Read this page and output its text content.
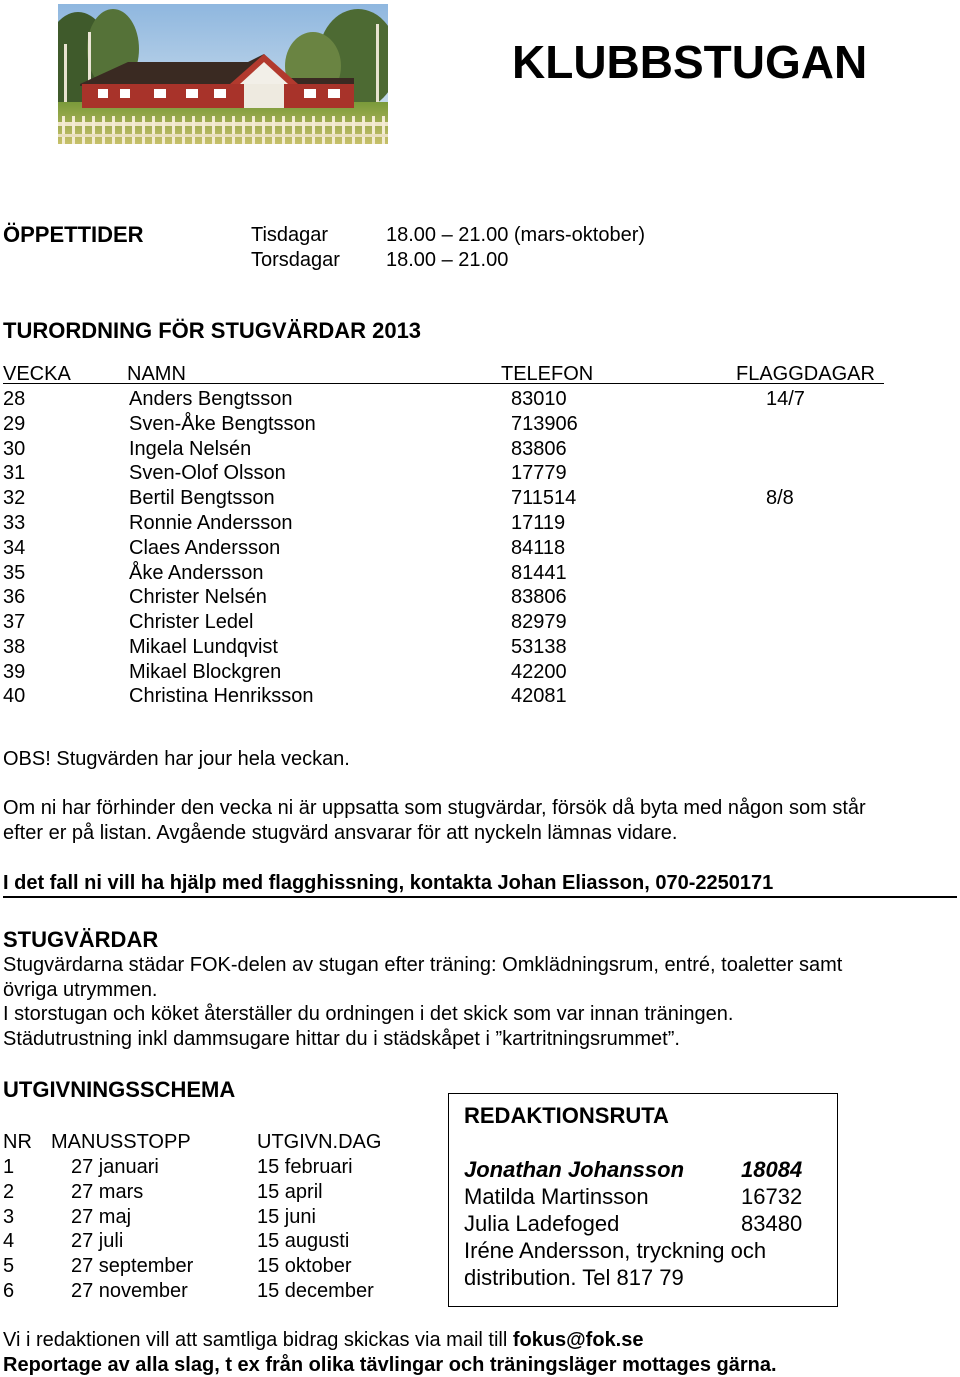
KLUBBSTUGAN
ÖPPETTIDER	Tisdagar	18.00 – 21.00 (mars-oktober)
Torsdagar 18.00 – 21.00
TURORDNING FÖR STUGVÄRDAR 2013
VECKA	NAMN	TELEFON	FLAGGDAGAR
28	Anders Bengtsson	83010	14/7
29	Sven-Åke Bengtsson	713906
30	Ingela Nelsén	83806
31	Sven-Olof Olsson	17779
32	Bertil Bengtsson	711514	8/8
33	Ronnie Andersson	17119
34	Claes Andersson	84118
35	Åke Andersson	81441
36	Christer Nelsén	83806
37	Christer Ledel	82979
38	Mikael Lundqvist	53138
39	Mikael Blockgren	42200
40	Christina Henriksson	42081
OBS! Stugvärden har jour hela veckan.
Om ni har förhinder den vecka ni är uppsatta som stugvärdar, försök då byta med någon som står
efter er på listan. Avgående stugvärd ansvarar för att nyckeln lämnas vidare.
I det fall ni vill ha hjälp med flagghissning, kontakta Johan Eliasson, 070-2250171
STUGVÄRDAR
Stugvärdarna städar FOK-delen av stugan efter träning: Omklädningsrum, entré, toaletter samt
övriga utrymmen.
I storstugan och köket återställer du ordningen i det skick som var innan träningen.
Städutrustning inkl dammsugare hittar du i städskåpet i ”kartritningsrummet”.
UTGIVNINGSSCHEMA
NR MANUSSTOPP	UTGIVN.DAG
1	27 januari	15 februari
2	27 mars	15 april
3	27 maj	15 juni
4	27 juli	15 augusti
5	27 september	15 oktober
6	27 november	15 december
REDAKTIONSRUTA
Jonathan Johansson	18084
Matilda Martinsson	16732
Julia Ladefoged	83480
Iréne Andersson, tryckning och
distribution. Tel 817 79
Vi i redaktionen vill att samtliga bidrag skickas via mail till fokus@fok.se
Reportage av alla slag, t ex från olika tävlingar och träningsläger mottages gärna.
